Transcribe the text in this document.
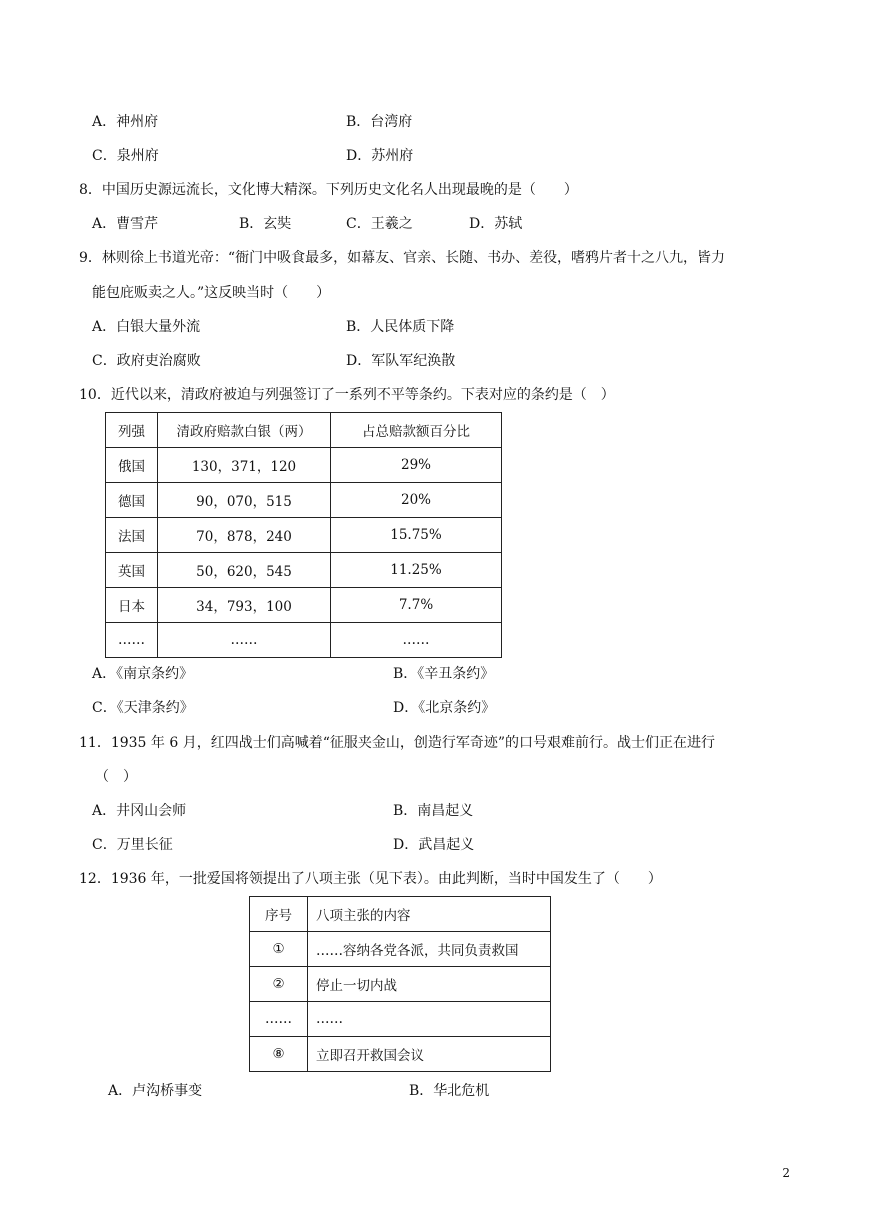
A．神州府	B．台湾府
C．泉州府	D．苏州府
8．中国历史源远流长，文化博大精深。下列历史文化名人出现最晚的是（　　）
A．曹雪芹	B．玄奘	C．王羲之	D．苏轼
9．林则徐上书道光帝：“衙门中吸食最多，如幕友、官亲、长随、书办、差役，嗜鸦片者十之八九，皆力
能包庇贩卖之人。”这反映当时（　　）
A．白银大量外流	B．人民体质下降
C．政府吏治腐败	D．军队军纪涣散
10．近代以来，清政府被迫与列强签订了一系列不平等条约。下表对应的条约是（　）
列强	清政府赔款白银（两）	占总赔款额百分比
俄国	130，371，120	29%
德国	90，070，515	20%
法国	70，878，240	15.75%
英国	50，620，545	11.25%
日本	34，793，100	7.7%
……	……	……
A．《南京条约》	B．《辛丑条约》
C．《天津条约》	D．《北京条约》
11．1935 年 6 月，红四战士们高喊着“征服夹金山，创造行军奇迹”的口号艰难前行。战士们正在进行
（　）
A．井冈山会师	B．南昌起义
C．万里长征	D．武昌起义
12．1936 年，一批爱国将领提出了八项主张（见下表）。由此判断，当时中国发生了（　　）
序号	八项主张的内容
①	……容纳各党各派，共同负责救国
②	停止一切内战
……	……
⑧	立即召开救国会议
A．卢沟桥事变	B．华北危机
2
